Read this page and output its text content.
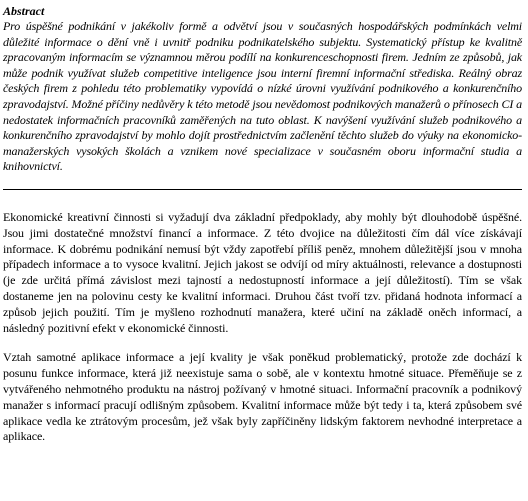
Abstract

Pro úspěšné podnikání v jakékoliv formě a odvětví jsou v současných hospodářských podmínkách velmi důležité informace o dění vně i uvnitř podniku podnikatelského subjektu. Systematický přístup ke kvalitně zpracovaným informacím se významnou měrou podílí na konkurenceschopnosti firem. Jedním ze způsobů, jak může podnik využívat služeb competitive inteligence jsou interní firemní informační střediska. Reálný obraz českých firem z pohledu této problematiky vypovídá o nízké úrovni využívání podnikového a konkurenčního zpravodajství. Možné příčiny nedůvěry k této metodě jsou nevědomost podnikových manažerů o přínosech CI a nedostatek informačních pracovníků zaměřených na tuto oblast. K navýšení využívání služeb podnikového a konkurenčního zpravodajství by mohlo dojít prostřednictvím začlenění těchto služeb do výuky na ekonomicko-manažerských vysokých školách a vznikem nové specializace v současném oboru informační studia a knihovnictví.

Ekonomické kreativní činnosti si vyžadují dva základní předpoklady, aby mohly být dlouhodobě úspěšné. Jsou jimi dostatečné množství financí a informace. Z této dvojice na důležitosti čím dál více získávají informace. K dobrému podnikání nemusí být vždy zapotřebí příliš peněz, mnohem důležitější jsou v mnoha případech informace a to vysoce kvalitní. Jejich jakost se odvíjí od míry aktuálnosti, relevance a dostupnosti (je zde určitá přímá závislost mezi tajností a nedostupností informace a její důležitostí). Tím se však dostaneme jen na polovinu cesty ke kvalitní informaci. Druhou část tvoří tzv. přidaná hodnota informací a způsob jejich použití. Tím je myšleno rozhodnutí manažera, které učiní na základě oněch informací, a následný pozitivní efekt v ekonomické činnosti.

Vztah samotné aplikace informace a její kvality je však poněkud problematický, protože zde dochází k posunu funkce informace, která již neexistuje sama o sobě, ale v kontextu hmotné situace. Přeměňuje se z vytvářeného nehmotného produktu na nástroj požívaný v hmotné situaci. Informační pracovník a podnikový manažer s informací pracují odlišným způsobem. Kvalitní informace může být tedy i ta, která způsobem své aplikace vedla ke ztrátovým procesům, jež však byly zapříčiněny lidským faktorem nevhodné interpretace a aplikace.
